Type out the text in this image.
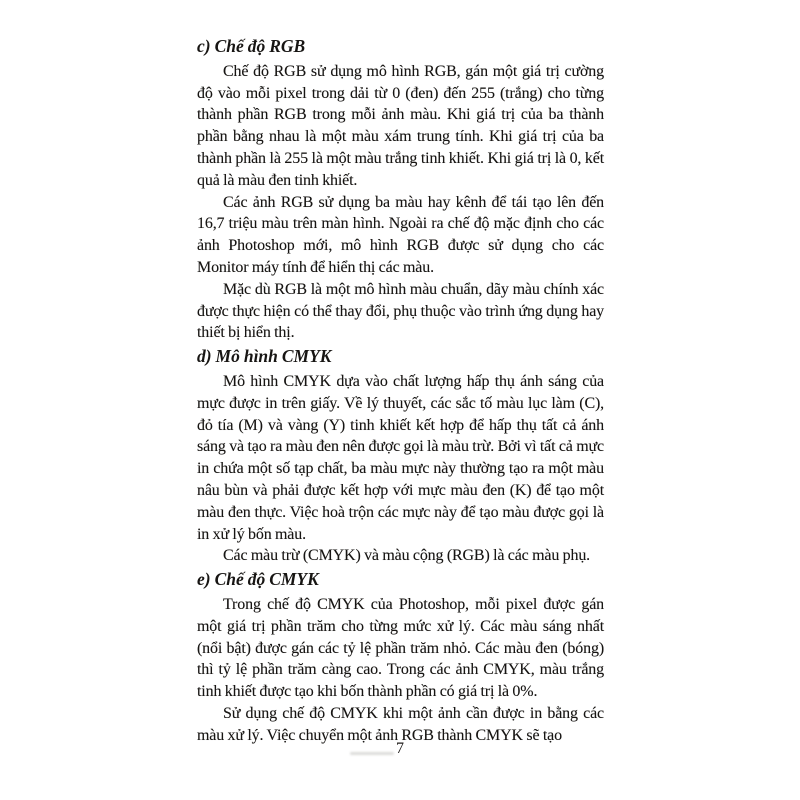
c) Chế độ RGB

Chế độ RGB sử dụng mô hình RGB, gán một giá trị cường độ vào mỗi pixel trong dải từ 0 (đen) đến 255 (trắng) cho từng thành phần RGB trong mỗi ảnh màu. Khi giá trị của ba thành phần bằng nhau là một màu xám trung tính. Khi giá trị của ba thành phần là 255 là một màu trắng tinh khiết. Khi giá trị là 0, kết quả là màu đen tinh khiết.

Các ảnh RGB sử dụng ba màu hay kênh để tái tạo lên đến 16,7 triệu màu trên màn hình. Ngoài ra chế độ mặc định cho các ảnh Photoshop mới, mô hình RGB được sử dụng cho các Monitor máy tính để hiển thị các màu.

Mặc dù RGB là một mô hình màu chuẩn, dãy màu chính xác được thực hiện có thể thay đổi, phụ thuộc vào trình ứng dụng hay thiết bị hiển thị.

d) Mô hình CMYK

Mô hình CMYK dựa vào chất lượng hấp thụ ánh sáng của mực được in trên giấy. Về lý thuyết, các sắc tố màu lục làm (C), đỏ tía (M) và vàng (Y) tinh khiết kết hợp để hấp thụ tất cả ánh sáng và tạo ra màu đen nên được gọi là màu trừ. Bởi vì tất cả mực in chứa một số tạp chất, ba màu mực này thường tạo ra một màu nâu bùn và phải được kết hợp với mực màu đen (K) để tạo một màu đen thực. Việc hoà trộn các mực này để tạo màu được gọi là in xử lý bốn màu.

Các màu trừ (CMYK) và màu cộng (RGB) là các màu phụ.

e) Chế độ CMYK

Trong chế độ CMYK của Photoshop, mỗi pixel được gán một giá trị phần trăm cho từng mức xử lý. Các màu sáng nhất (nổi bật) được gán các tỷ lệ phần trăm nhỏ. Các màu đen (bóng) thì tỷ lệ phần trăm càng cao. Trong các ảnh CMYK, màu trắng tinh khiết được tạo khi bốn thành phần có giá trị là 0%.

Sử dụng chế độ CMYK khi một ảnh cần được in bằng các màu xử lý. Việc chuyển một ảnh RGB thành CMYK sẽ tạo

7
